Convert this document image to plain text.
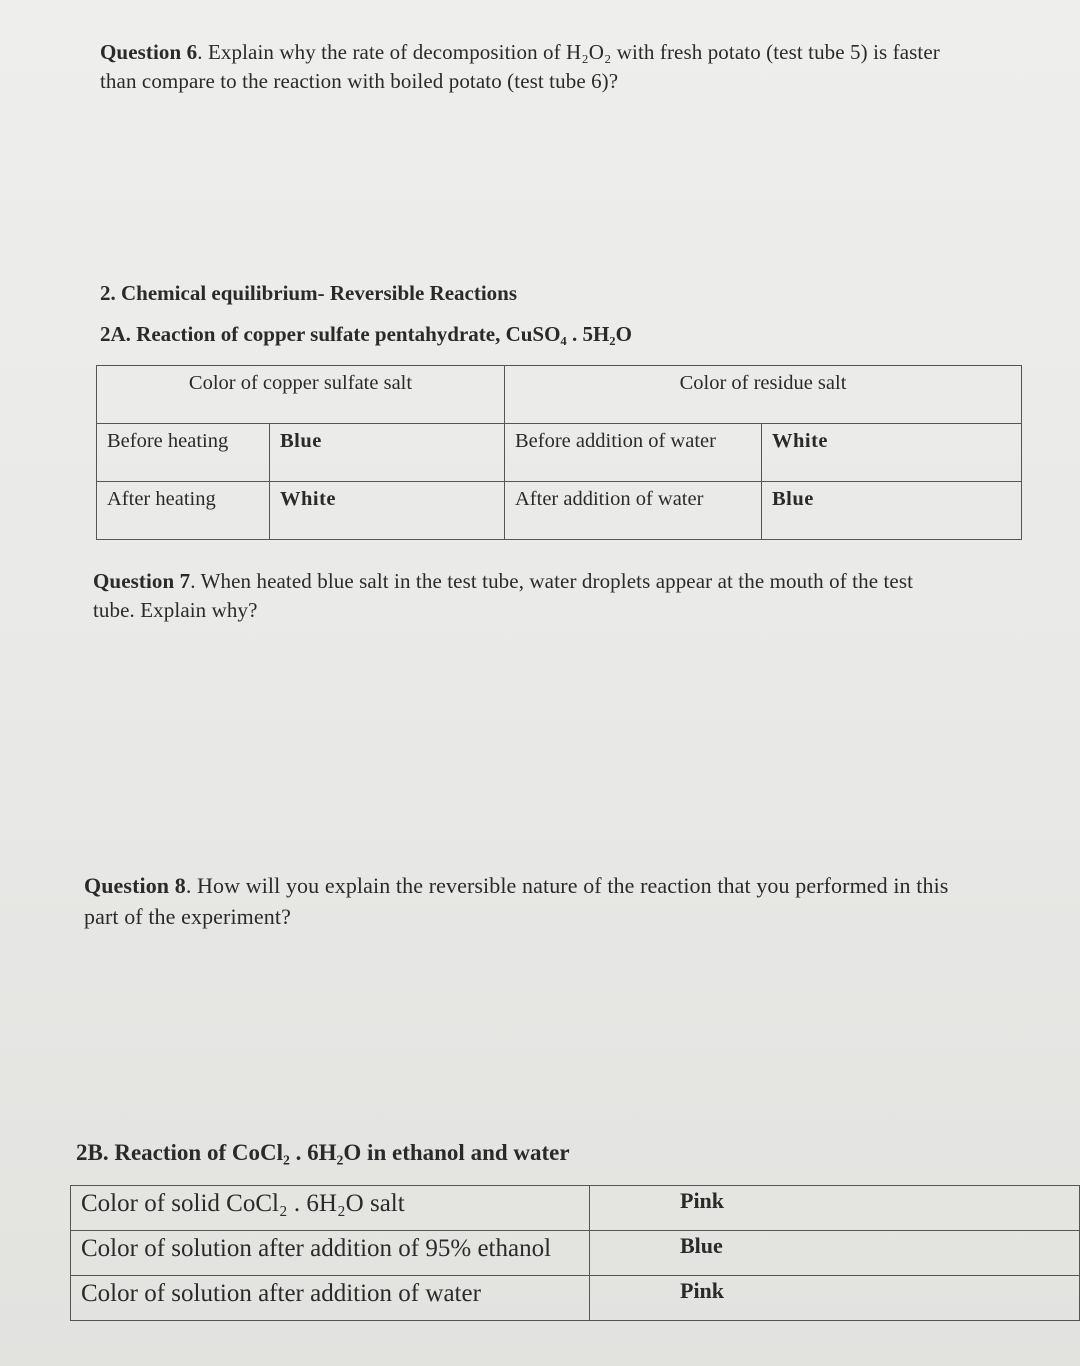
Question 6. Explain why the rate of decomposition of H₂O₂ with fresh potato (test tube 5) is faster
than compare to the reaction with boiled potato (test tube 6)?
2. Chemical equilibrium- Reversible Reactions
2A. Reaction of copper sulfate pentahydrate, CuSO₄ . 5H₂O
Color of copper sulfate salt		Color of residue salt	
Before heating	Blue	Before addition of water	White
After heating	White	After addition of water	Blue
Question 7. When heated blue salt in the test tube, water droplets appear at the mouth of the test
tube. Explain why?
Question 8. How will you explain the reversible nature of the reaction that you performed in this
part of the experiment?
2B. Reaction of CoCl₂ . 6H₂O in ethanol and water
Color of solid CoCl₂ . 6H₂O salt	Pink
Color of solution after addition of 95% ethanol	Blue
Color of solution after addition of water	Pink
